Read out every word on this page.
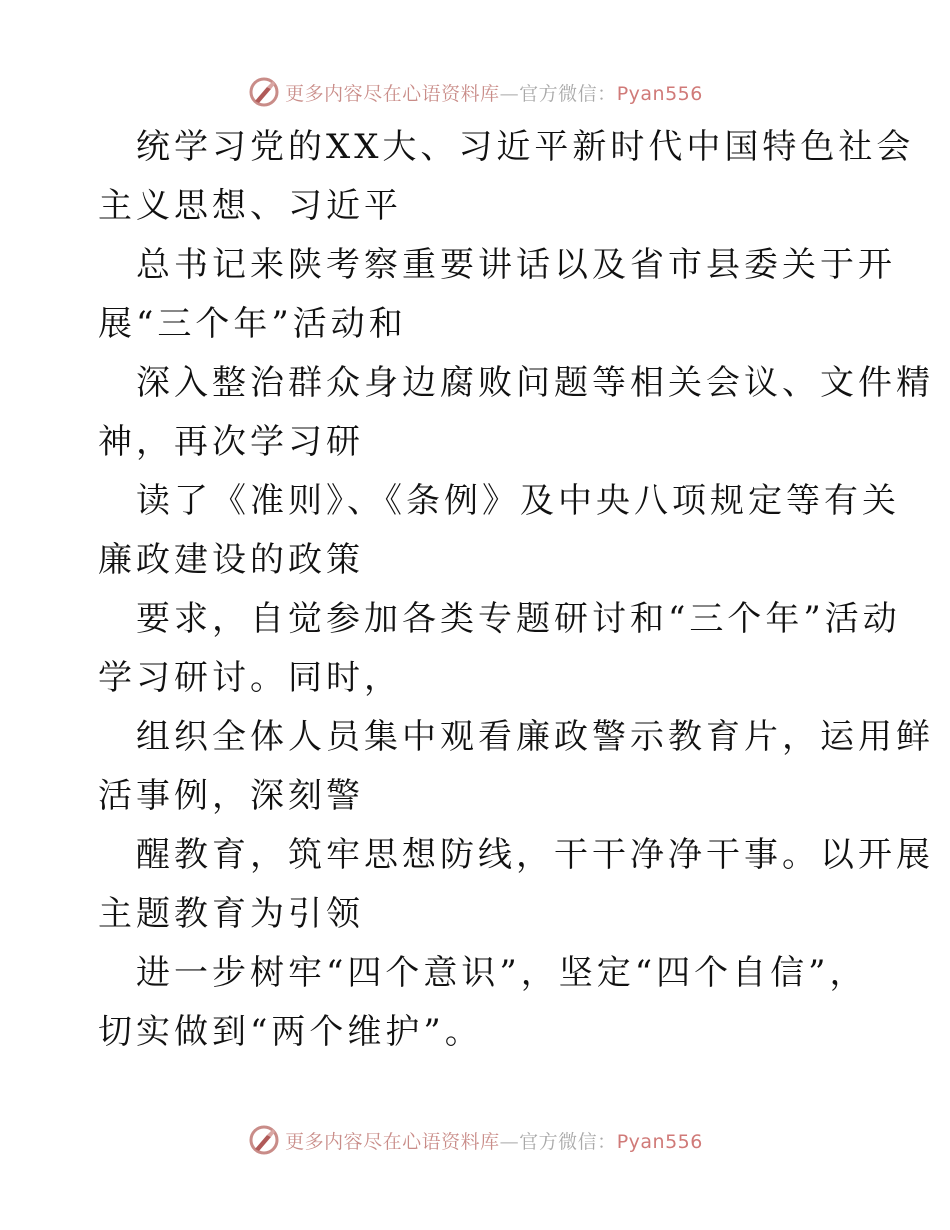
更多内容尽在心语资料库—官方微信：Pyan556

统学习党的XX大、习近平新时代中国特色社会
主义思想、习近平

总书记来陕考察重要讲话以及省市县委关于开
展“三个年”活动和

深入整治群众身边腐败问题等相关会议、文件精
神，再次学习研

读了《准则》、《条例》及中央八项规定等有关
廉政建设的政策

要求，自觉参加各类专题研讨和“三个年”活动
学习研讨。同时，

组织全体人员集中观看廉政警示教育片，运用鲜
活事例，深刻警

醒教育，筑牢思想防线，干干净净干事。以开展
主题教育为引领

进一步树牢“四个意识”，坚定“四个自信”，
切实做到“两个维护”。

更多内容尽在心语资料库—官方微信：Pyan556
